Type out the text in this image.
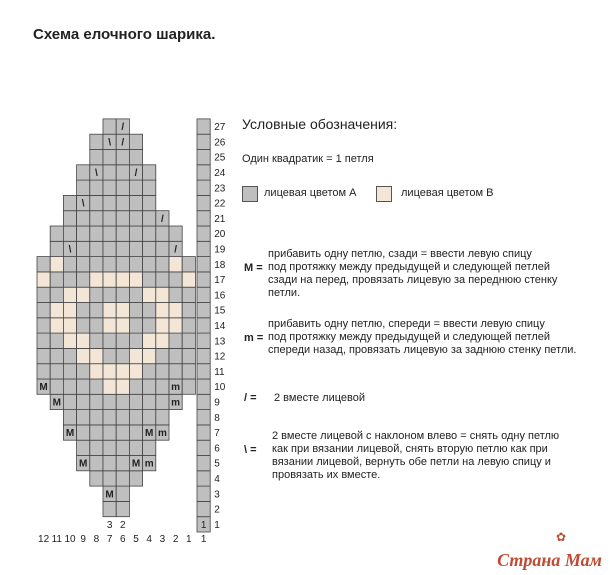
Схема елочного шарика.
M
M	M m
M	M m
M	m
M	m
\	/
/
\
\	/
\ /
/
1
2
3
4
5
6
7
8
9
10
11
12
13
14
15
16
17
18
19
20
21
22
23
24
25
26
27
3 2	1
12 11 10 9 8 7 6 5 4 3 2 1 1
Условные обозначения:
Один квадратик = 1 петля
лицевая цветом А	лицевая цветом В
M =
прибавить одну петлю, сзади = ввести левую спицу
под протяжку между предыдущей и следующей петлей
сзади на перед, провязать лицевую за переднюю стенку
петли.
m =
прибавить одну петлю, спереди = ввести левую спицу
под протяжку между предыдущей и следующей петлей
спереди назад, провязать лицевую за заднюю стенку петли.
/ = 2 вместе лицевой
\ =
2 вместе лицевой с наклоном влево = снять одну петлю
как при вязании лицевой, снять вторую петлю как при
вязании лицевой, вернуть обе петли на левую спицу и
провязать их вместе.
✿
Страна Мам
